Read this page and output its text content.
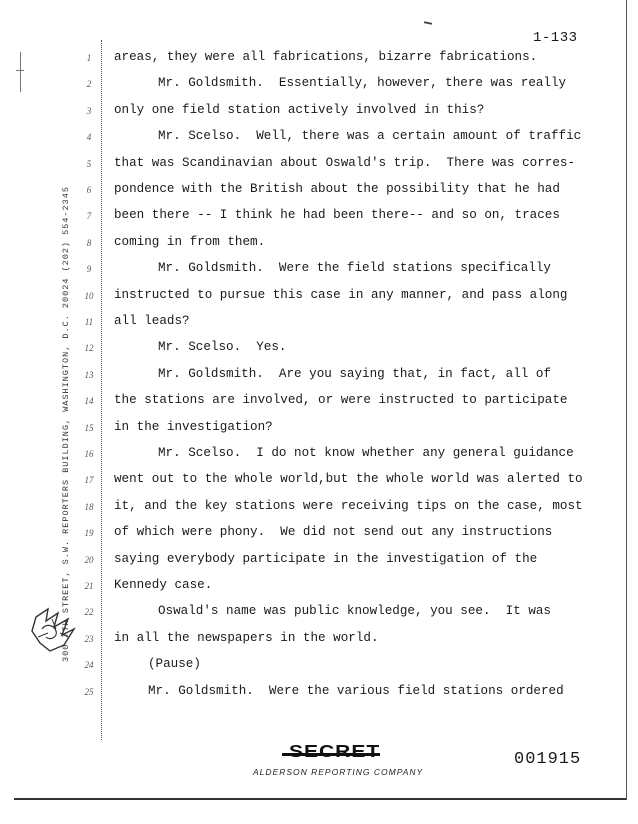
1-133
300 7TH STREET, S.W. REPORTERS BUILDING, WASHINGTON, D.C. 20024 (202) 554-2345
1	areas, they were all fabrications, bizarre fabrications.
2	Mr. Goldsmith.  Essentially, however, there was really
3	only one field station actively involved in this?
4	Mr. Scelso.  Well, there was a certain amount of traffic
5	that was Scandinavian about Oswald's trip.  There was corres-
6	pondence with the British about the possibility that he had
7	been there -- I think he had been there-- and so on, traces
8	coming in from them.
9	Mr. Goldsmith.  Were the field stations specifically
10	instructed to pursue this case in any manner, and pass along
11	all leads?
12	Mr. Scelso.  Yes.
13	Mr. Goldsmith.  Are you saying that, in fact, all of
14	the stations are involved, or were instructed to participate
15	in the investigation?
16	Mr. Scelso.  I do not know whether any general guidance
17	went out to the whole world,but the whole world was alerted to
18	it, and the key stations were receiving tips on the case, most
19	of which were phony.  We did not send out any instructions
20	saying everybody participate in the investigation of the
21	Kennedy case.
22	Oswald's name was public knowledge, you see.  It was
23	in all the newspapers in the world.
24	(Pause)
25	Mr. Goldsmith.  Were the various field stations ordered
SECRET
ALDERSON REPORTING COMPANY
001915
